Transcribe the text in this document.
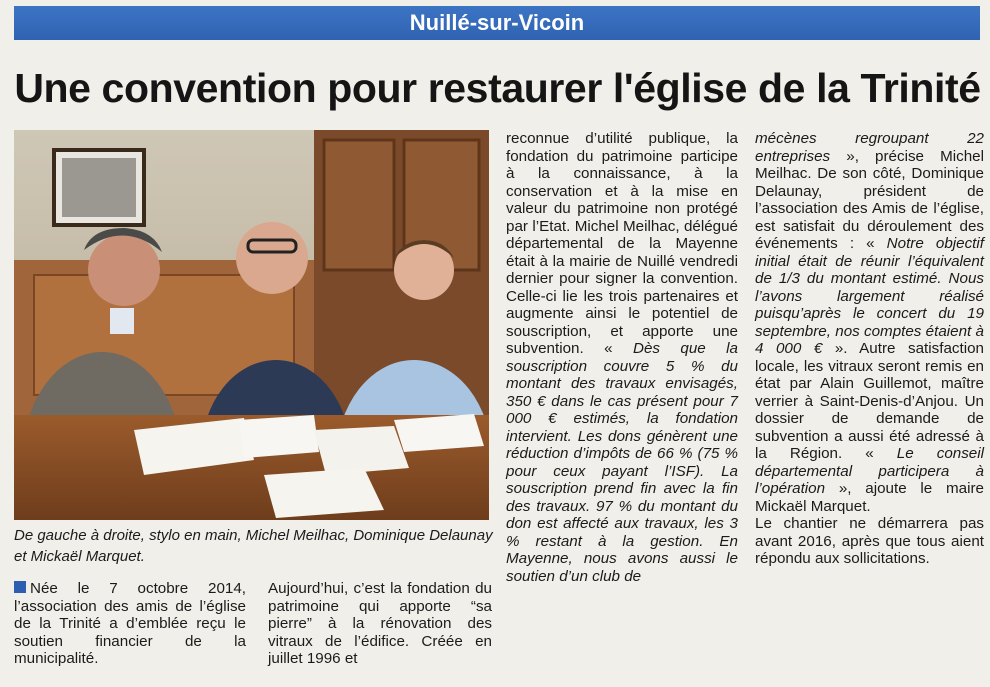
Nuillé-sur-Vicoin
Une convention pour restaurer l'église de la Trinité
De gauche à droite, stylo en main, Michel Meilhac, Dominique Delaunay et Mickaël Marquet.

Née le 7 octobre 2014, l’association des amis de l’église de la Trinité a d’emblée reçu le soutien financier de la municipalité.

Aujourd’hui, c’est la fondation du patrimoine qui apporte “sa pierre” à la rénovation des vitraux de l’édifice. Créée en juillet 1996 et

reconnue d’utilité publique, la fondation du patrimoine participe à la connaissance, à la conservation et à la mise en valeur du patrimoine non protégé par l’Etat. Michel Meilhac, délégué départemental de la Mayenne était à la mairie de Nuillé vendredi dernier pour signer la convention. Celle-ci lie les trois partenaires et augmente ainsi le potentiel de souscription, et apporte une subvention. « Dès que la souscription couvre 5 % du montant des travaux envisagés, 350 € dans le cas présent pour 7 000 € estimés, la fondation intervient. Les dons génèrent une réduction d’impôts de 66 % (75 % pour ceux payant l’ISF). La souscription prend fin avec la fin des travaux. 97 % du montant du don est affecté aux travaux, les 3 % restant à la gestion. En Mayenne, nous avons aussi le soutien d’un club de

mécènes regroupant 22 entreprises », précise Michel Meilhac. De son côté, Dominique Delaunay, président de l’association des Amis de l’église, est satisfait du déroulement des événements : « Notre objectif initial était de réunir l’équivalent de 1/3 du montant estimé. Nous l’avons largement réalisé puisqu’après le concert du 19 septembre, nos comptes étaient à 4 000 € ». Autre satisfaction locale, les vitraux seront remis en état par Alain Guillemot, maître verrier à Saint-Denis-d’Anjou. Un dossier de demande de subvention a aussi été adressé à la Région. « Le conseil départemental participera à l’opération », ajoute le maire Mickaël Marquet.

Le chantier ne démarrera pas avant 2016, après que tous aient répondu aux sollicitations.
